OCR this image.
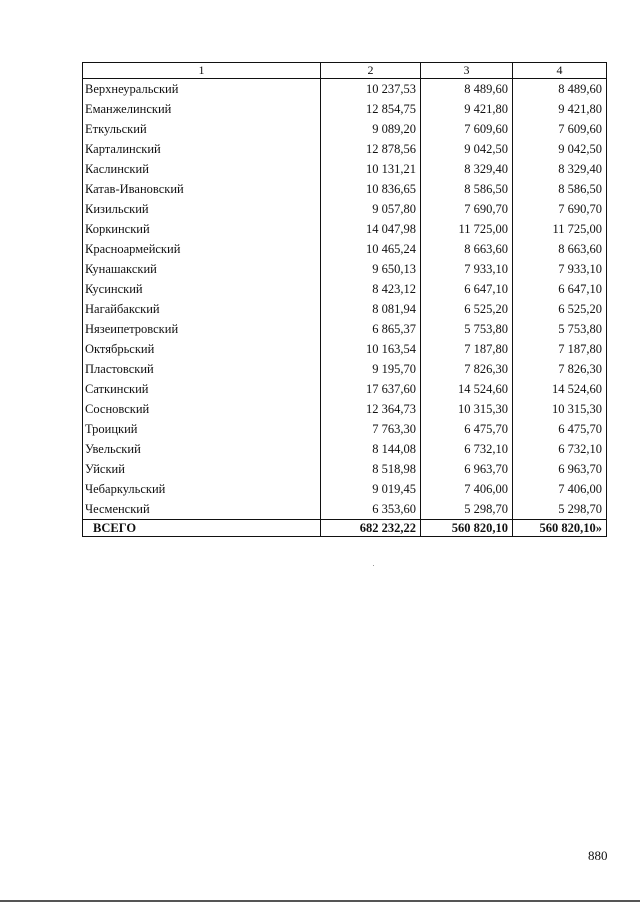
1	2	3	4
Верхнеуральский	10 237,53	8 489,60	8 489,60
Еманжелинский	12 854,75	9 421,80	9 421,80
Еткульский	9 089,20	7 609,60	7 609,60
Карталинский	12 878,56	9 042,50	9 042,50
Каслинский	10 131,21	8 329,40	8 329,40
Катав-Ивановский	10 836,65	8 586,50	8 586,50
Кизильский	9 057,80	7 690,70	7 690,70
Коркинский	14 047,98	11 725,00	11 725,00
Красноармейский	10 465,24	8 663,60	8 663,60
Кунашакский	9 650,13	7 933,10	7 933,10
Кусинский	8 423,12	6 647,10	6 647,10
Нагайбакский	8 081,94	6 525,20	6 525,20
Нязеипетровский	6 865,37	5 753,80	5 753,80
Октябрьский	10 163,54	7 187,80	7 187,80
Пластовский	9 195,70	7 826,30	7 826,30
Саткинский	17 637,60	14 524,60	14 524,60
Сосновский	12 364,73	10 315,30	10 315,30
Троицкий	7 763,30	6 475,70	6 475,70
Увельский	8 144,08	6 732,10	6 732,10
Уйский	8 518,98	6 963,70	6 963,70
Чебаркульский	9 019,45	7 406,00	7 406,00
Чесменский	6 353,60	5 298,70	5 298,70
ВСЕГО	682 232,22	560 820,10	560 820,10»
880
